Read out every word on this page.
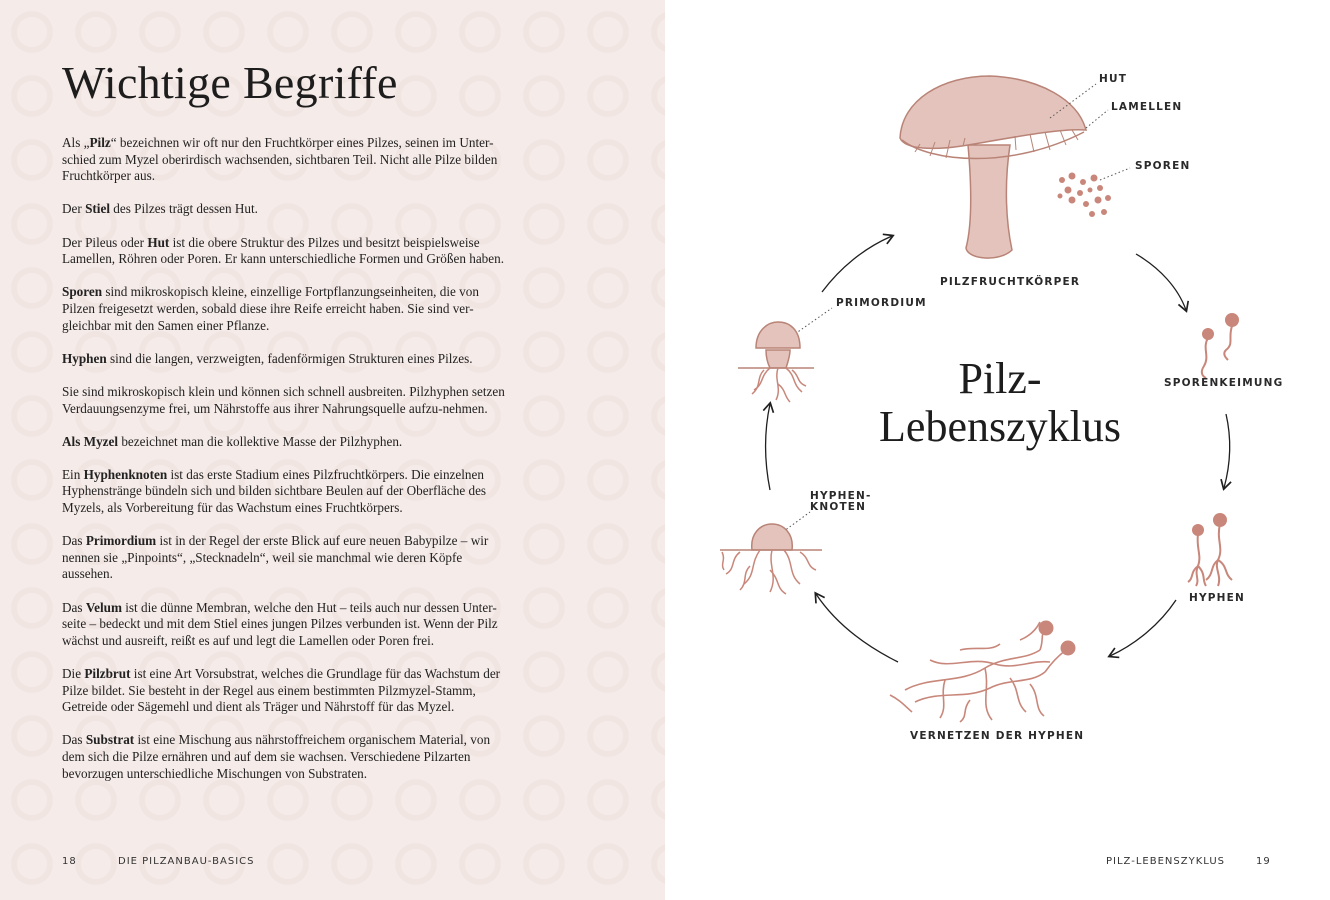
Wichtige Begriffe

Als „Pilz“ bezeichnen wir oft nur den Fruchtkörper eines Pilzes, seinen im Unter-schied zum Myzel oberirdisch wachsenden, sichtbaren Teil. Nicht alle Pilze bilden Fruchtkörper aus.

Der Stiel des Pilzes trägt dessen Hut.

Der Pileus oder Hut ist die obere Struktur des Pilzes und besitzt beispielsweise Lamellen, Röhren oder Poren. Er kann unterschiedliche Formen und Größen haben.

Sporen sind mikroskopisch kleine, einzellige Fortpflanzungseinheiten, die von Pilzen freigesetzt werden, sobald diese ihre Reife erreicht haben. Sie sind ver-gleichbar mit den Samen einer Pflanze.

Hyphen sind die langen, verzweigten, fadenförmigen Strukturen eines Pilzes.

Sie sind mikroskopisch klein und können sich schnell ausbreiten. Pilzhyphen setzen Verdauungsenzyme frei, um Nährstoffe aus ihrer Nahrungsquelle aufzu-nehmen.

Als Myzel bezeichnet man die kollektive Masse der Pilzhyphen.

Ein Hyphenknoten ist das erste Stadium eines Pilzfruchtkörpers. Die einzelnen Hyphenstränge bündeln sich und bilden sichtbare Beulen auf der Oberfläche des Myzels, als Vorbereitung für das Wachstum eines Fruchtkörpers.

Das Primordium ist in der Regel der erste Blick auf eure neuen Babypilze – wir nennen sie „Pinpoints“, „Stecknadeln“, weil sie manchmal wie deren Köpfe aussehen.

Das Velum ist die dünne Membran, welche den Hut – teils auch nur dessen Unter-seite – bedeckt und mit dem Stiel eines jungen Pilzes verbunden ist. Wenn der Pilz wächst und ausreift, reißt es auf und legt die Lamellen oder Poren frei.

Die Pilzbrut ist eine Art Vorsubstrat, welches die Grundlage für das Wachstum der Pilze bildet. Sie besteht in der Regel aus einem bestimmten Pilzmyzel-Stamm, Getreide oder Sägemehl und dient als Träger und Nährstoff für das Myzel.

Das Substrat ist eine Mischung aus nährstoffreichem organischem Material, von dem sich die Pilze ernähren und auf dem sie wachsen. Verschiedene Pilzarten bevorzugen unterschiedliche Mischungen von Substraten.

18	DIE PILZANBAU-BASICS
Pilz-
Lebenszyklus
HUT
LAMELLEN
SPOREN
PILZFRUCHTKÖRPER
SPORENKEIMUNG
HYPHEN
VERNETZEN DER HYPHEN
HYPHEN-
KNOTEN
PRIMORDIUM
PILZ-LEBENSZYKLUS	19
